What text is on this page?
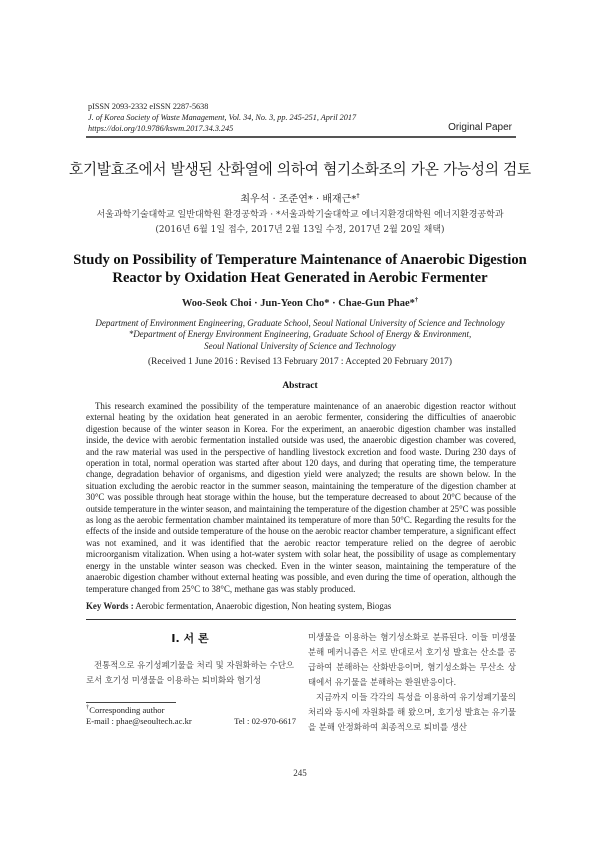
pISSN 2093-2332 eISSN 2287-5638
J. of Korea Society of Waste Management, Vol. 34, No. 3, pp. 245-251, April 2017
https://doi.org/10.9786/kswm.2017.34.3.245	Original Paper
호기발효조에서 발생된 산화열에 의하여 혐기소화조의 가온 가능성의 검토
최우석 · 조준연* · 배재근*†
서울과학기술대학교 일반대학원 환경공학과 · *서울과학기술대학교 에너지환경대학원 에너지환경공학과
(2016년 6월 1일 접수, 2017년 2월 13일 수정, 2017년 2월 20일 채택)
Study on Possibility of Temperature Maintenance of Anaerobic Digestion
Reactor by Oxidation Heat Generated in Aerobic Fermenter
Woo-Seok Choi · Jun-Yeon Cho* · Chae-Gun Phae*†
Department of Environment Engineering, Graduate School, Seoul National University of Science and Technology
*Department of Energy Environment Engineering, Graduate School of Energy & Environment,
Seoul National University of Science and Technology
(Received 1 June 2016 : Revised 13 February 2017 : Accepted 20 February 2017)
Abstract
This research examined the possibility of the temperature maintenance of an anaerobic digestion reactor without external heating by the oxidation heat generated in an aerobic fermenter, considering the difficulties of anaerobic digestion because of the winter season in Korea. For the experiment, an anaerobic digestion chamber was installed inside, the device with aerobic fermentation installed outside was used, the anaerobic digestion chamber was covered, and the raw material was used in the perspective of handling livestock excretion and food waste. During 230 days of operation in total, normal operation was started after about 120 days, and during that operating time, the temperature change, degradation behavior of organisms, and digestion yield were analyzed; the results are shown below. In the situation excluding the aerobic reactor in the summer season, maintaining the temperature of the digestion chamber at 30°C was possible through heat storage within the house, but the temperature decreased to about 20°C because of the outside temperature in the winter season, and maintaining the temperature of the digestion chamber at 25°C was possible as long as the aerobic fermentation chamber maintained its temperature of more than 50°C. Regarding the results for the effects of the inside and outside temperature of the house on the aerobic reactor chamber temperature, a significant effect was not examined, and it was identified that the aerobic reactor temperature relied on the degree of aerobic microorganism vitalization. When using a hot-water system with solar heat, the possibility of usage as complementary energy in the unstable winter season was checked. Even in the winter season, maintaining the temperature of the anaerobic digestion chamber without external heating was possible, and even during the time of operation, although the temperature changed from 25°C to 38°C, methane gas was stably produced.
Key Words : Aerobic fermentation, Anaerobic digestion, Non heating system, Biogas
I. 서 론
전통적으로 유기성폐기물을 처리 및 자원화하는 수단으로서 호기성 미생물을 이용하는 퇴비화와 혐기성

미생물을 이용하는 혐기성소화로 분류된다. 이들 미생물 분해 메커니즘은 서로 반대로서 호기성 발효는 산소를 공급하여 분해하는 산화반응이며, 혐기성소화는 무산소 상태에서 유기물을 분해하는 환원반응이다.

지금까지 이들 각각의 특성을 이용하여 유기성폐기물의 처리와 동시에 자원화를 해 왔으며, 호기성 발효는 유기물을 분해 안정화하여 최종적으로 퇴비를 생산

†Corresponding author
E-mail : phae@seoultech.ac.kr	Tel : 02-970-6617
245
